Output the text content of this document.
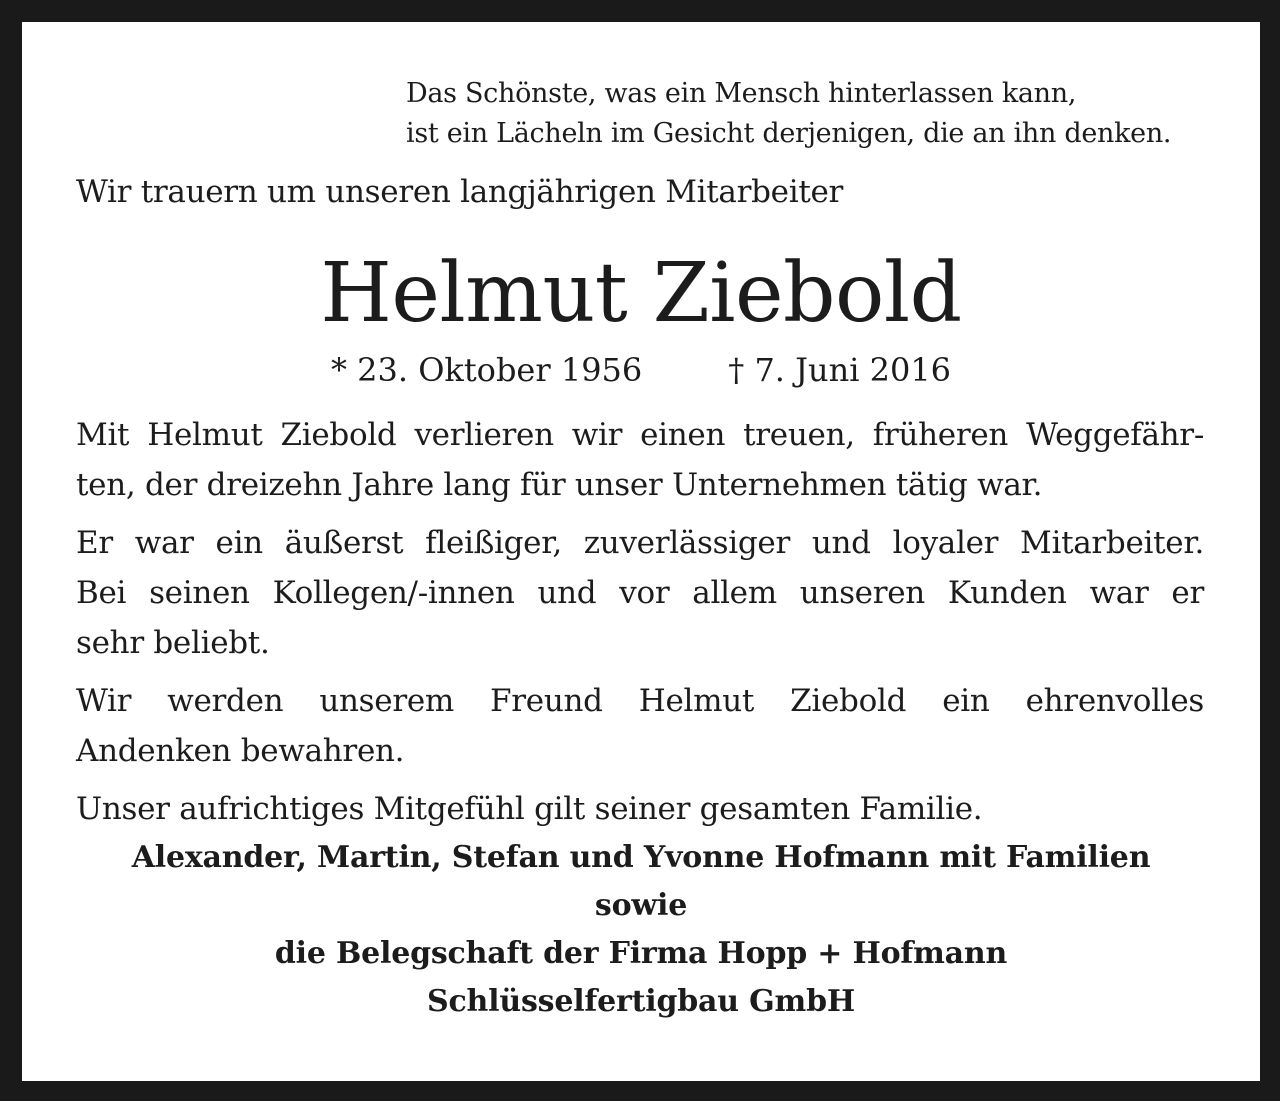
Das Schönste, was ein Mensch hinterlassen kann,
ist ein Lächeln im Gesicht derjenigen, die an ihn denken.
Wir trauern um unseren langjährigen Mitarbeiter
Helmut Ziebold
* 23. Oktober 1956	† 7. Juni 2016
Mit Helmut Ziebold verlieren wir einen treuen, früheren Weggefähr-
ten, der dreizehn Jahre lang für unser Unternehmen tätig war.
Er war ein äußerst fleißiger, zuverlässiger und loyaler Mitarbeiter.
Bei seinen Kollegen/-innen und vor allem unseren Kunden war er
sehr beliebt.
Wir werden unserem Freund Helmut Ziebold ein ehrenvolles
Andenken bewahren.
Unser aufrichtiges Mitgefühl gilt seiner gesamten Familie.
Alexander, Martin, Stefan und Yvonne Hofmann mit Familien
sowie
die Belegschaft der Firma Hopp + Hofmann
Schlüsselfertigbau GmbH
